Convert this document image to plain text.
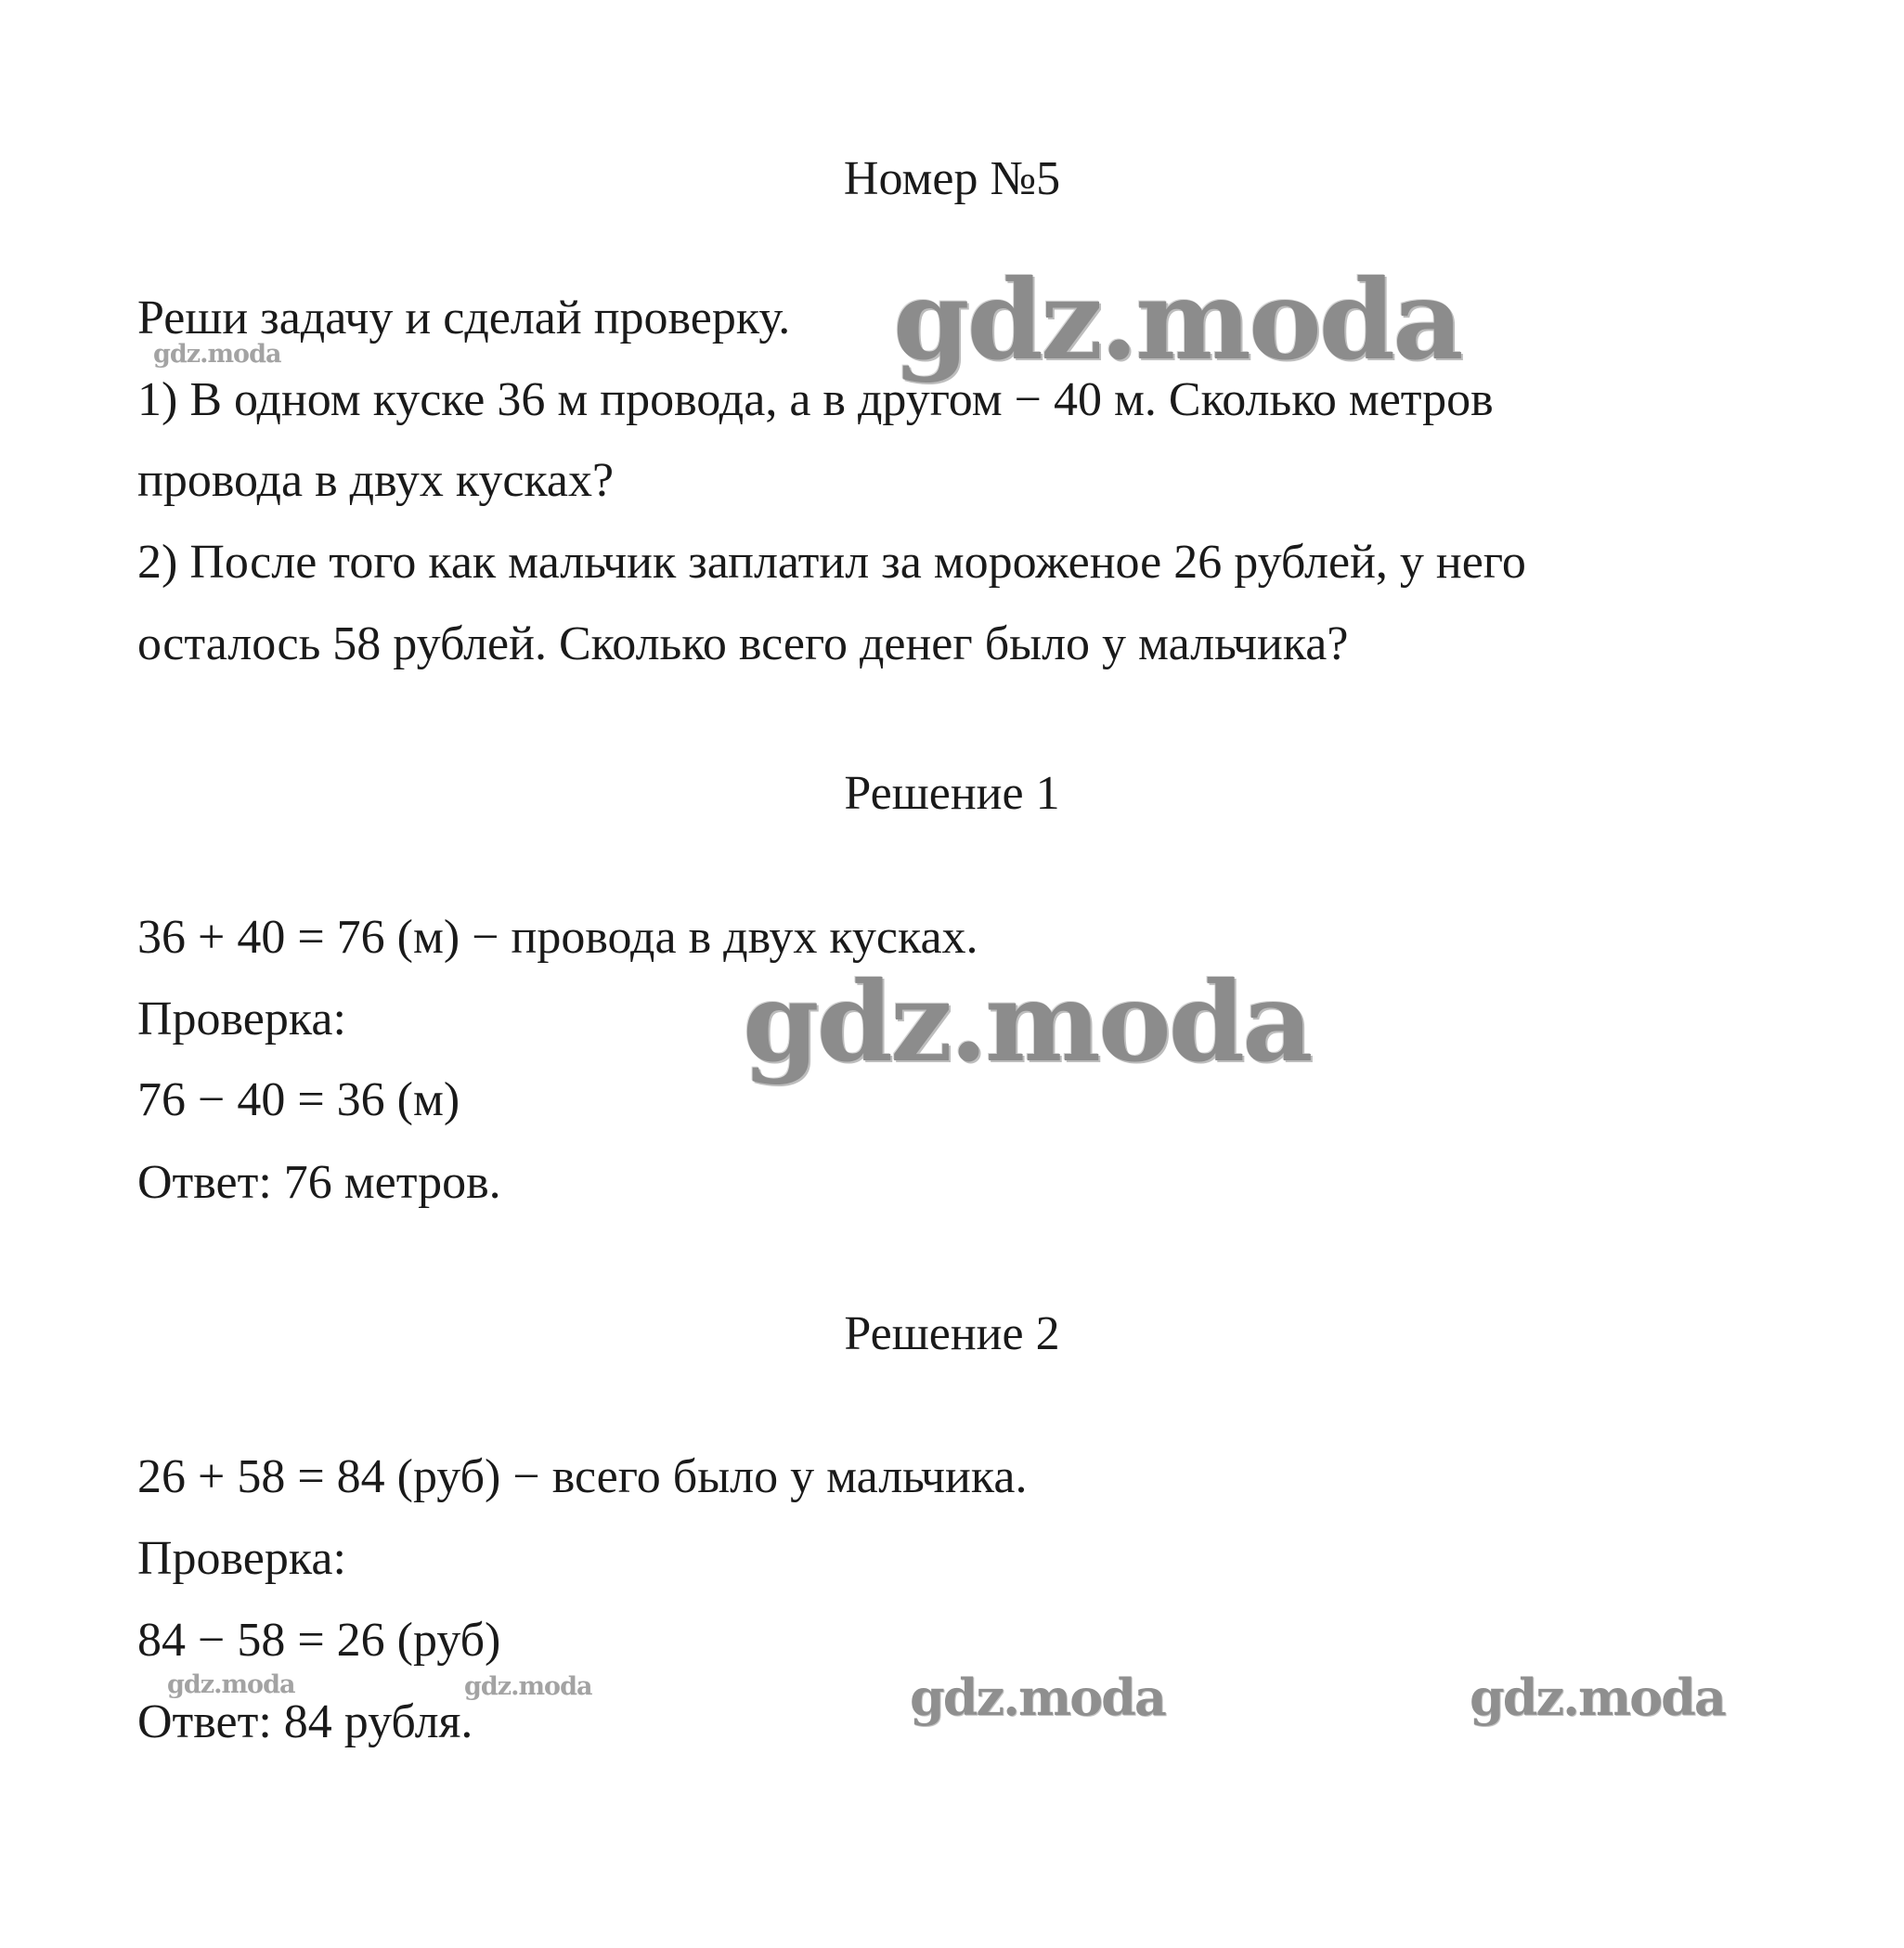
Номер №5
Реши задачу и сделай проверку.
1) В одном куске 36 м провода, а в другом − 40 м. Сколько метров
провода в двух кусках?
2) После того как мальчик заплатил за мороженое 26 рублей, у него
осталось 58 рублей. Сколько всего денег было у мальчика?
Решение 1
36 + 40 = 76 (м) − провода в двух кусках.
Проверка:
76 − 40 = 36 (м)
Ответ: 76 метров.
Решение 2
26 + 58 = 84 (руб) − всего было у мальчика.
Проверка:
84 − 58 = 26 (руб)
Ответ: 84 рубля.
gdz.moda
gdz.moda
gdz.moda
gdz.moda	gdz.moda	gdz.moda	gdz.moda
